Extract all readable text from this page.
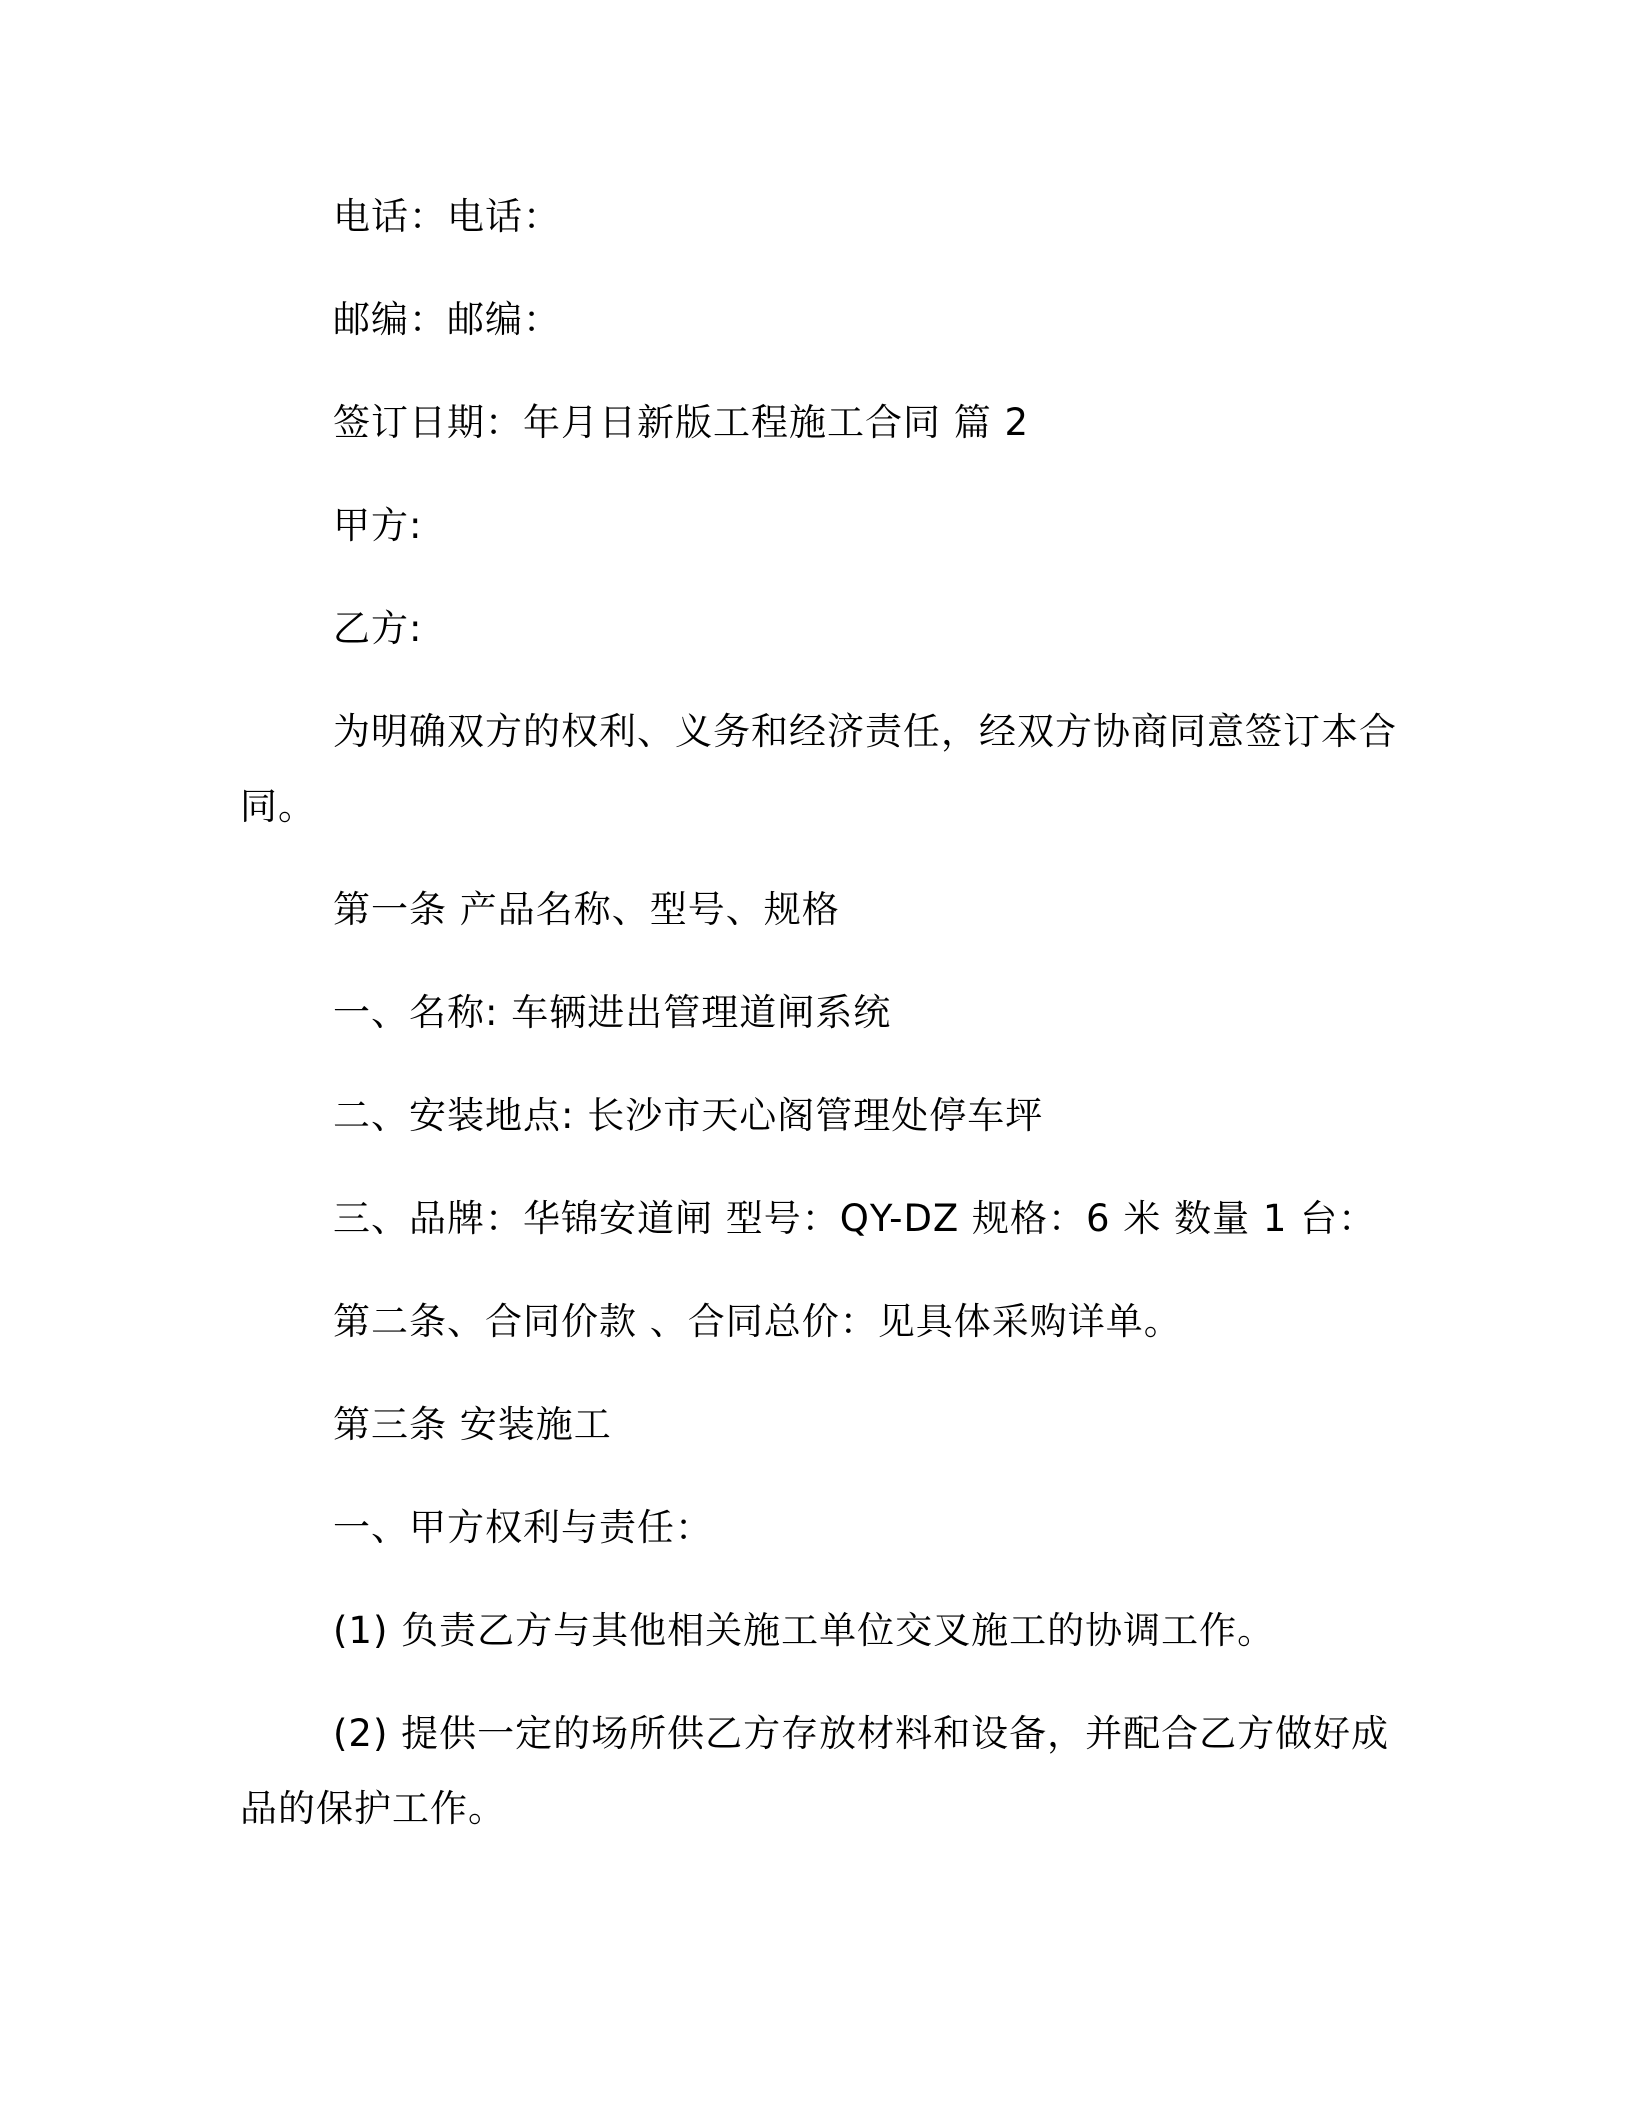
电话：电话：
邮编：邮编：
签订日期：年月日新版工程施工合同 篇 2
甲方:
乙方:
为明确双方的权利、义务和经济责任，经双方协商同意签订本合
同。
第一条 产品名称、型号、规格
一、名称: 车辆进出管理道闸系统
二、安装地点: 长沙市天心阁管理处停车坪
三、品牌：华锦安道闸 型号：QY-DZ 规格：6 米 数量 1 台：
第二条、合同价款 、合同总价：见具体采购详单。
第三条 安装施工
一、甲方权利与责任：
(1) 负责乙方与其他相关施工单位交叉施工的协调工作。
(2) 提供一定的场所供乙方存放材料和设备，并配合乙方做好成
品的保护工作。
